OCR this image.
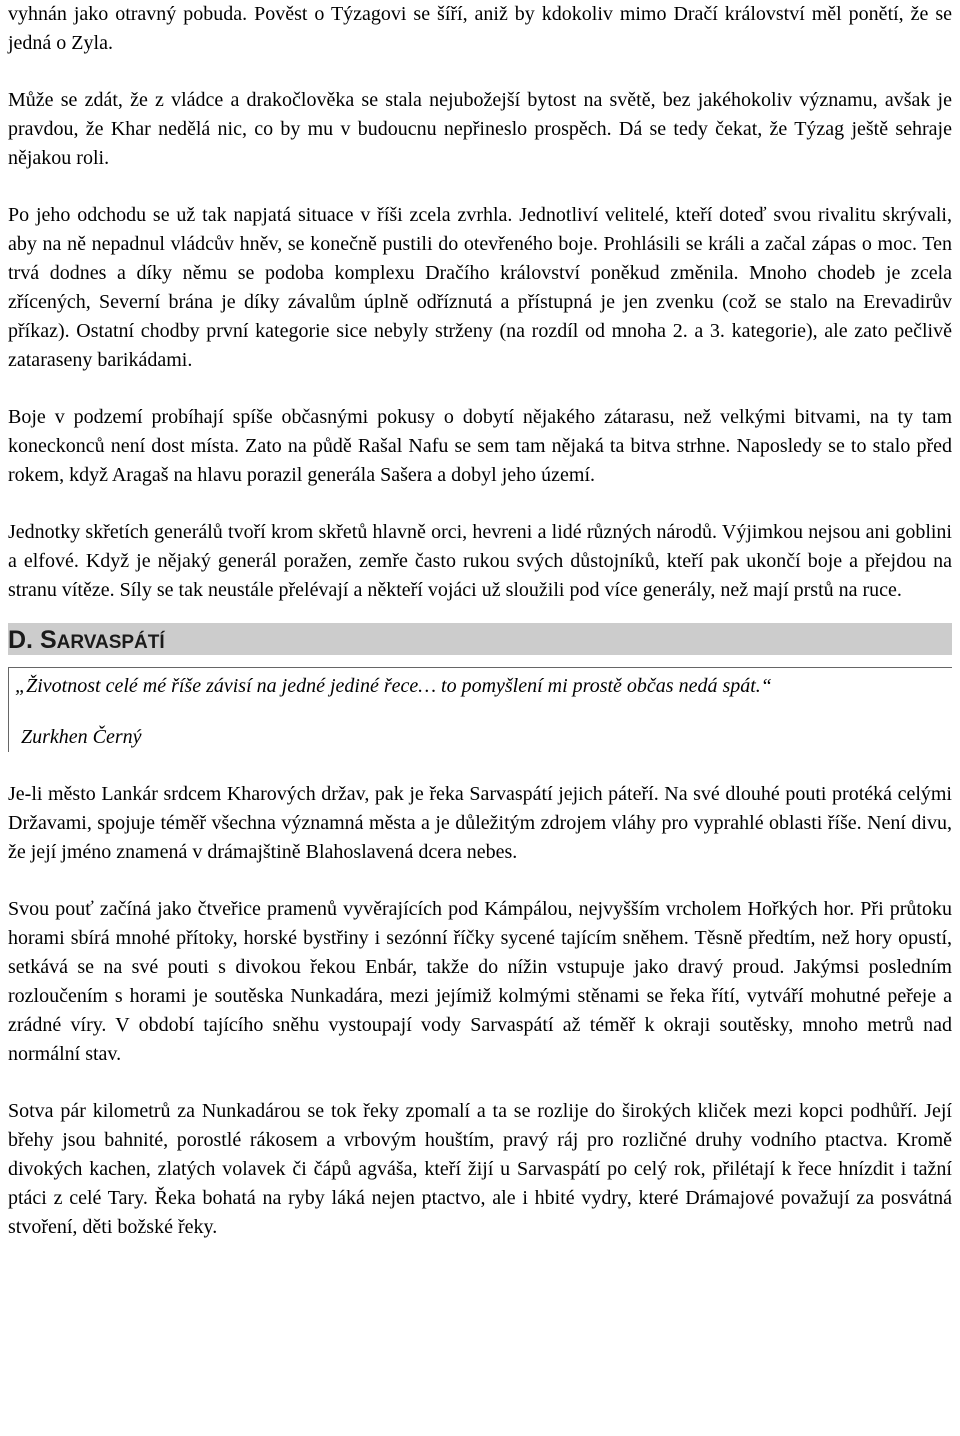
vyhnán jako otravný pobuda. Pověst o Týzagovi se šíří, aniž by kdokoliv mimo Dračí království měl ponětí, že se jedná o Zyla.

Může se zdát, že z vládce a drakočlověka se stala nejubožejší bytost na světě, bez jakéhokoliv významu, avšak je pravdou, že Khar nedělá nic, co by mu v budoucnu nepřineslo prospěch. Dá se tedy čekat, že Týzag ještě sehraje nějakou roli.

Po jeho odchodu se už tak napjatá situace v říši zcela zvrhla. Jednotliví velitelé, kteří doteď svou rivalitu skrývali, aby na ně nepadnul vládcův hněv, se konečně pustili do otevřeného boje. Prohlásili se králi a začal zápas o moc. Ten trvá dodnes a díky němu se podoba komplexu Dračího království poněkud změnila. Mnoho chodeb je zcela zřícených, Severní brána je díky závalům úplně odříznutá a přístupná je jen zvenku (což se stalo na Erevadirův příkaz). Ostatní chodby první kategorie sice nebyly strženy (na rozdíl od mnoha 2. a 3. kategorie), ale zato pečlivě zataraseny barikádami.

Boje v podzemí probíhají spíše občasnými pokusy o dobytí nějakého zátarasu, než velkými bitvami, na ty tam koneckonců není dost místa. Zato na půdě Rašal Nafu se sem tam nějaká ta bitva strhne. Naposledy se to stalo před rokem, když Aragaš na hlavu porazil generála Sašera a dobyl jeho území.

Jednotky skřetích generálů tvoří krom skřetů hlavně orci, hevreni a lidé různých národů. Výjimkou nejsou ani goblini a elfové. Když je nějaký generál poražen, zemře často rukou svých důstojníků, kteří pak ukončí boje a přejdou na stranu vítěze. Síly se tak neustále přelévají a někteří vojáci už sloužili pod více generály, než mají prstů na ruce.

D. SARVASPÁTÍ
„Životnost celé mé říše závisí na jedné jediné řece… to pomyšlení mi prostě občas nedá spát.“
Zurkhen Černý

Je-li město Lankár srdcem Kharových držav, pak je řeka Sarvaspátí jejich páteří. Na své dlouhé pouti protéká celými Državami, spojuje téměř všechna významná města a je důležitým zdrojem vláhy pro vyprahlé oblasti říše. Není divu, že její jméno znamená v drámajštině Blahoslavená dcera nebes.

Svou pouť začíná jako čtveřice pramenů vyvěrajících pod Kámpálou, nejvyšším vrcholem Hořkých hor. Při průtoku horami sbírá mnohé přítoky, horské bystřiny i sezónní říčky sycené tajícím sněhem. Těsně předtím, než hory opustí, setkává se na své pouti s divokou řekou Enbár, takže do nížin vstupuje jako dravý proud. Jakýmsi posledním rozloučením s horami je soutěska Nunkadára, mezi jejímiž kolmými stěnami se řeka řítí, vytváří mohutné peřeje a zrádné víry. V období tajícího sněhu vystoupají vody Sarvaspátí až téměř k okraji soutěsky, mnoho metrů nad normální stav.

Sotva pár kilometrů za Nunkadárou se tok řeky zpomalí a ta se rozlije do širokých kliček mezi kopci podhůří. Její břehy jsou bahnité, porostlé rákosem a vrbovým houštím, pravý ráj pro rozličné druhy vodního ptactva. Kromě divokých kachen, zlatých volavek či čápů agváša, kteří žijí u Sarvaspátí po celý rok, přilétají k řece hnízdit i tažní ptáci z celé Tary. Řeka bohatá na ryby láká nejen ptactvo, ale i hbité vydry, které Drámajové považují za posvátná stvoření, děti božské řeky.
